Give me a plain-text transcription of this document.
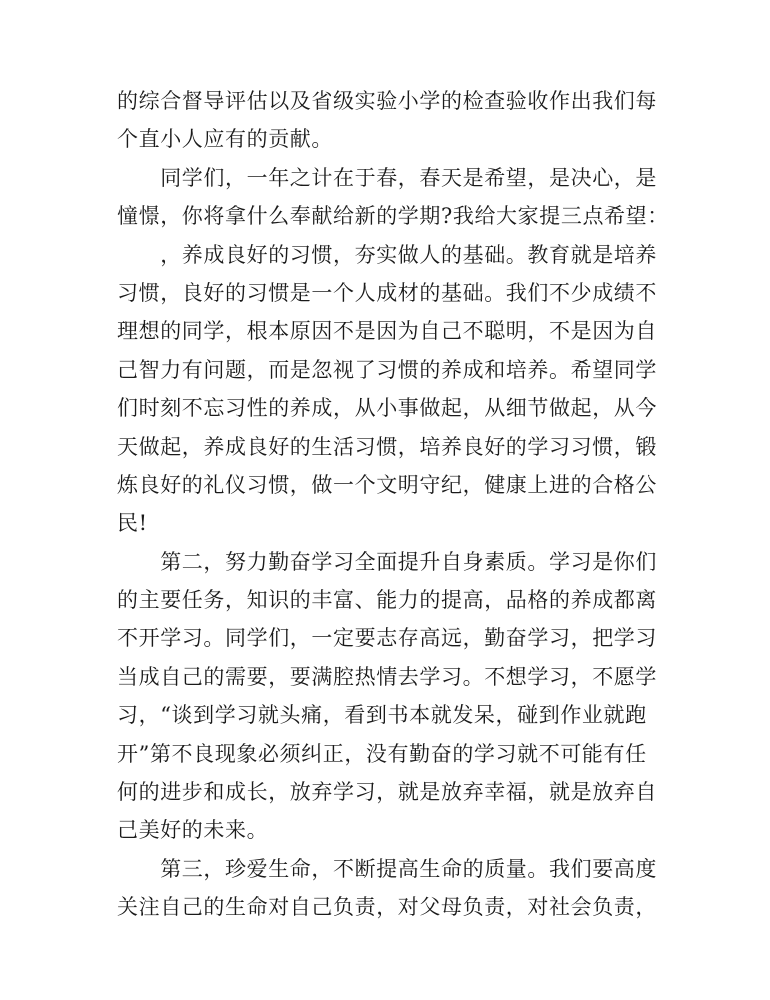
的综合督导评估以及省级实验小学的检查验收作出我们每
个直小人应有的贡献。

　　同学们，一年之计在于春，春天是希望，是决心，是
憧憬，你将拿什么奉献给新的学期?我给大家提三点希望：
　　，养成良好的习惯，夯实做人的基础。教育就是培养
习惯，良好的习惯是一个人成材的基础。我们不少成绩不
理想的同学，根本原因不是因为自己不聪明，不是因为自
己智力有问题，而是忽视了习惯的养成和培养。希望同学
们时刻不忘习性的养成，从小事做起，从细节做起，从今
天做起，养成良好的生活习惯，培养良好的学习习惯，锻
炼良好的礼仪习惯，做一个文明守纪，健康上进的合格公
民!

　　第二，努力勤奋学习全面提升自身素质。学习是你们
的主要任务，知识的丰富、能力的提高，品格的养成都离
不开学习。同学们，一定要志存高远，勤奋学习，把学习
当成自己的需要，要满腔热情去学习。不想学习，不愿学
习，“谈到学习就头痛，看到书本就发呆，碰到作业就跑
开”第不良现象必须纠正，没有勤奋的学习就不可能有任
何的进步和成长，放弃学习，就是放弃幸福，就是放弃自
己美好的未来。

　　第三，珍爱生命，不断提高生命的质量。我们要高度
关注自己的生命对自己负责，对父母负责，对社会负责，
